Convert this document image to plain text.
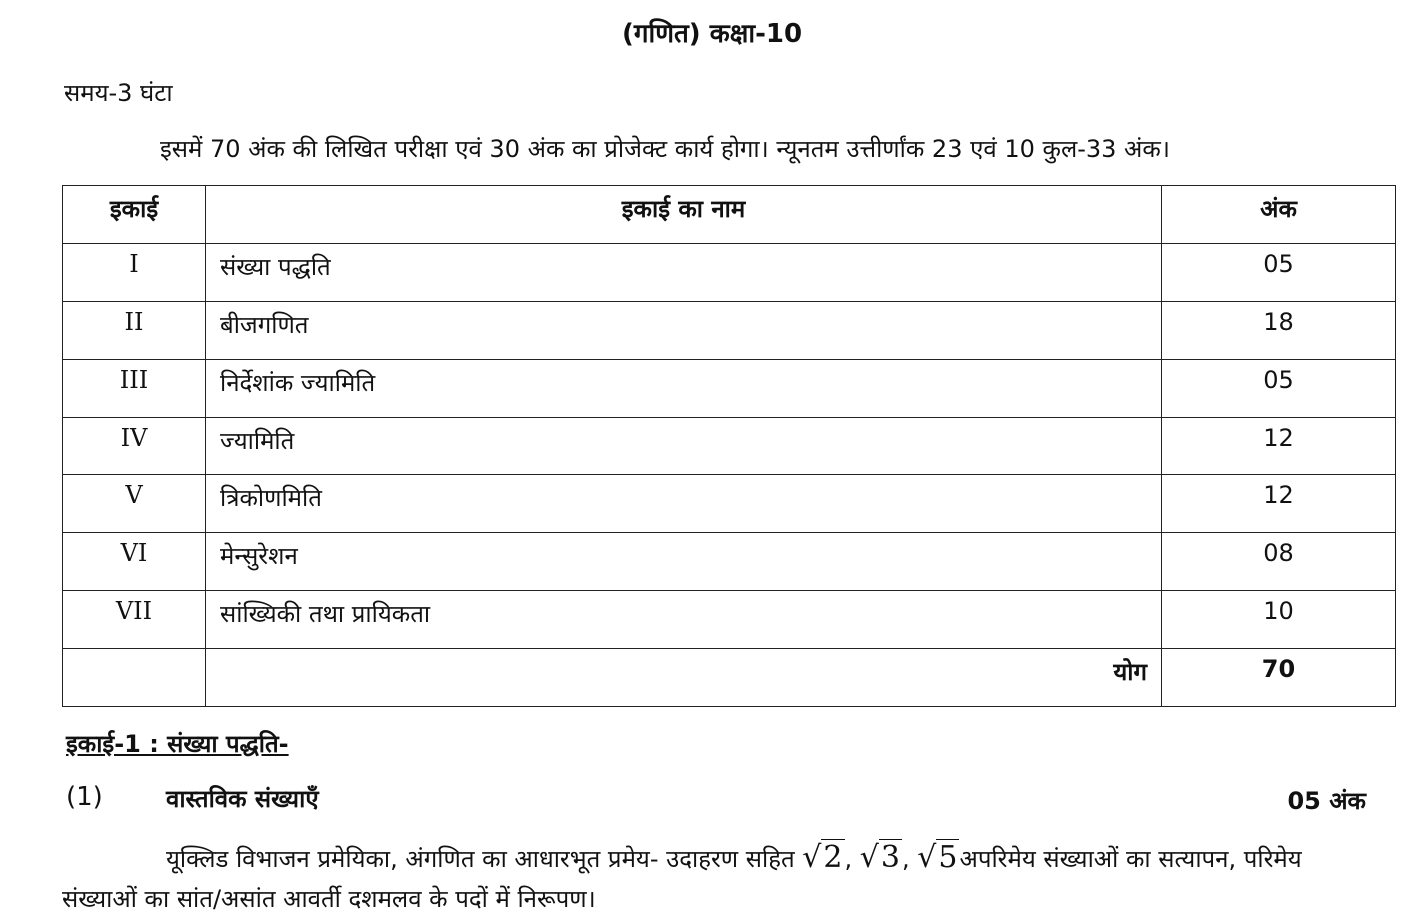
(गणित) कक्षा-10
समय-3 घंटा
इसमें 70 अंक की लिखित परीक्षा एवं 30 अंक का प्रोजेक्ट कार्य होगा। न्यूनतम उत्तीर्णांक 23 एवं 10 कुल-33 अंक।
इकाई	इकाई का नाम	अंक
I	संख्या पद्धति	05
II	बीजगणित	18
III	निर्देशांक ज्यामिति	05
IV	ज्यामिति	12
V	त्रिकोणमिति	12
VI	मेन्सुरेशन	08
VII	सांख्यिकी तथा प्रायिकता	10
	योग	70
इकाई-1 : संख्या पद्धति-
(1)	वास्तविक संख्याएँ	05 अंक
यूक्लिड विभाजन प्रमेयिका, अंगणित का आधारभूत प्रमेय- उदाहरण सहित √2, √3, √5अपरिमेय संख्याओं का सत्यापन, परिमेय संख्याओं का सांत/असांत आवर्ती दशमलव के पदों में निरूपण।
